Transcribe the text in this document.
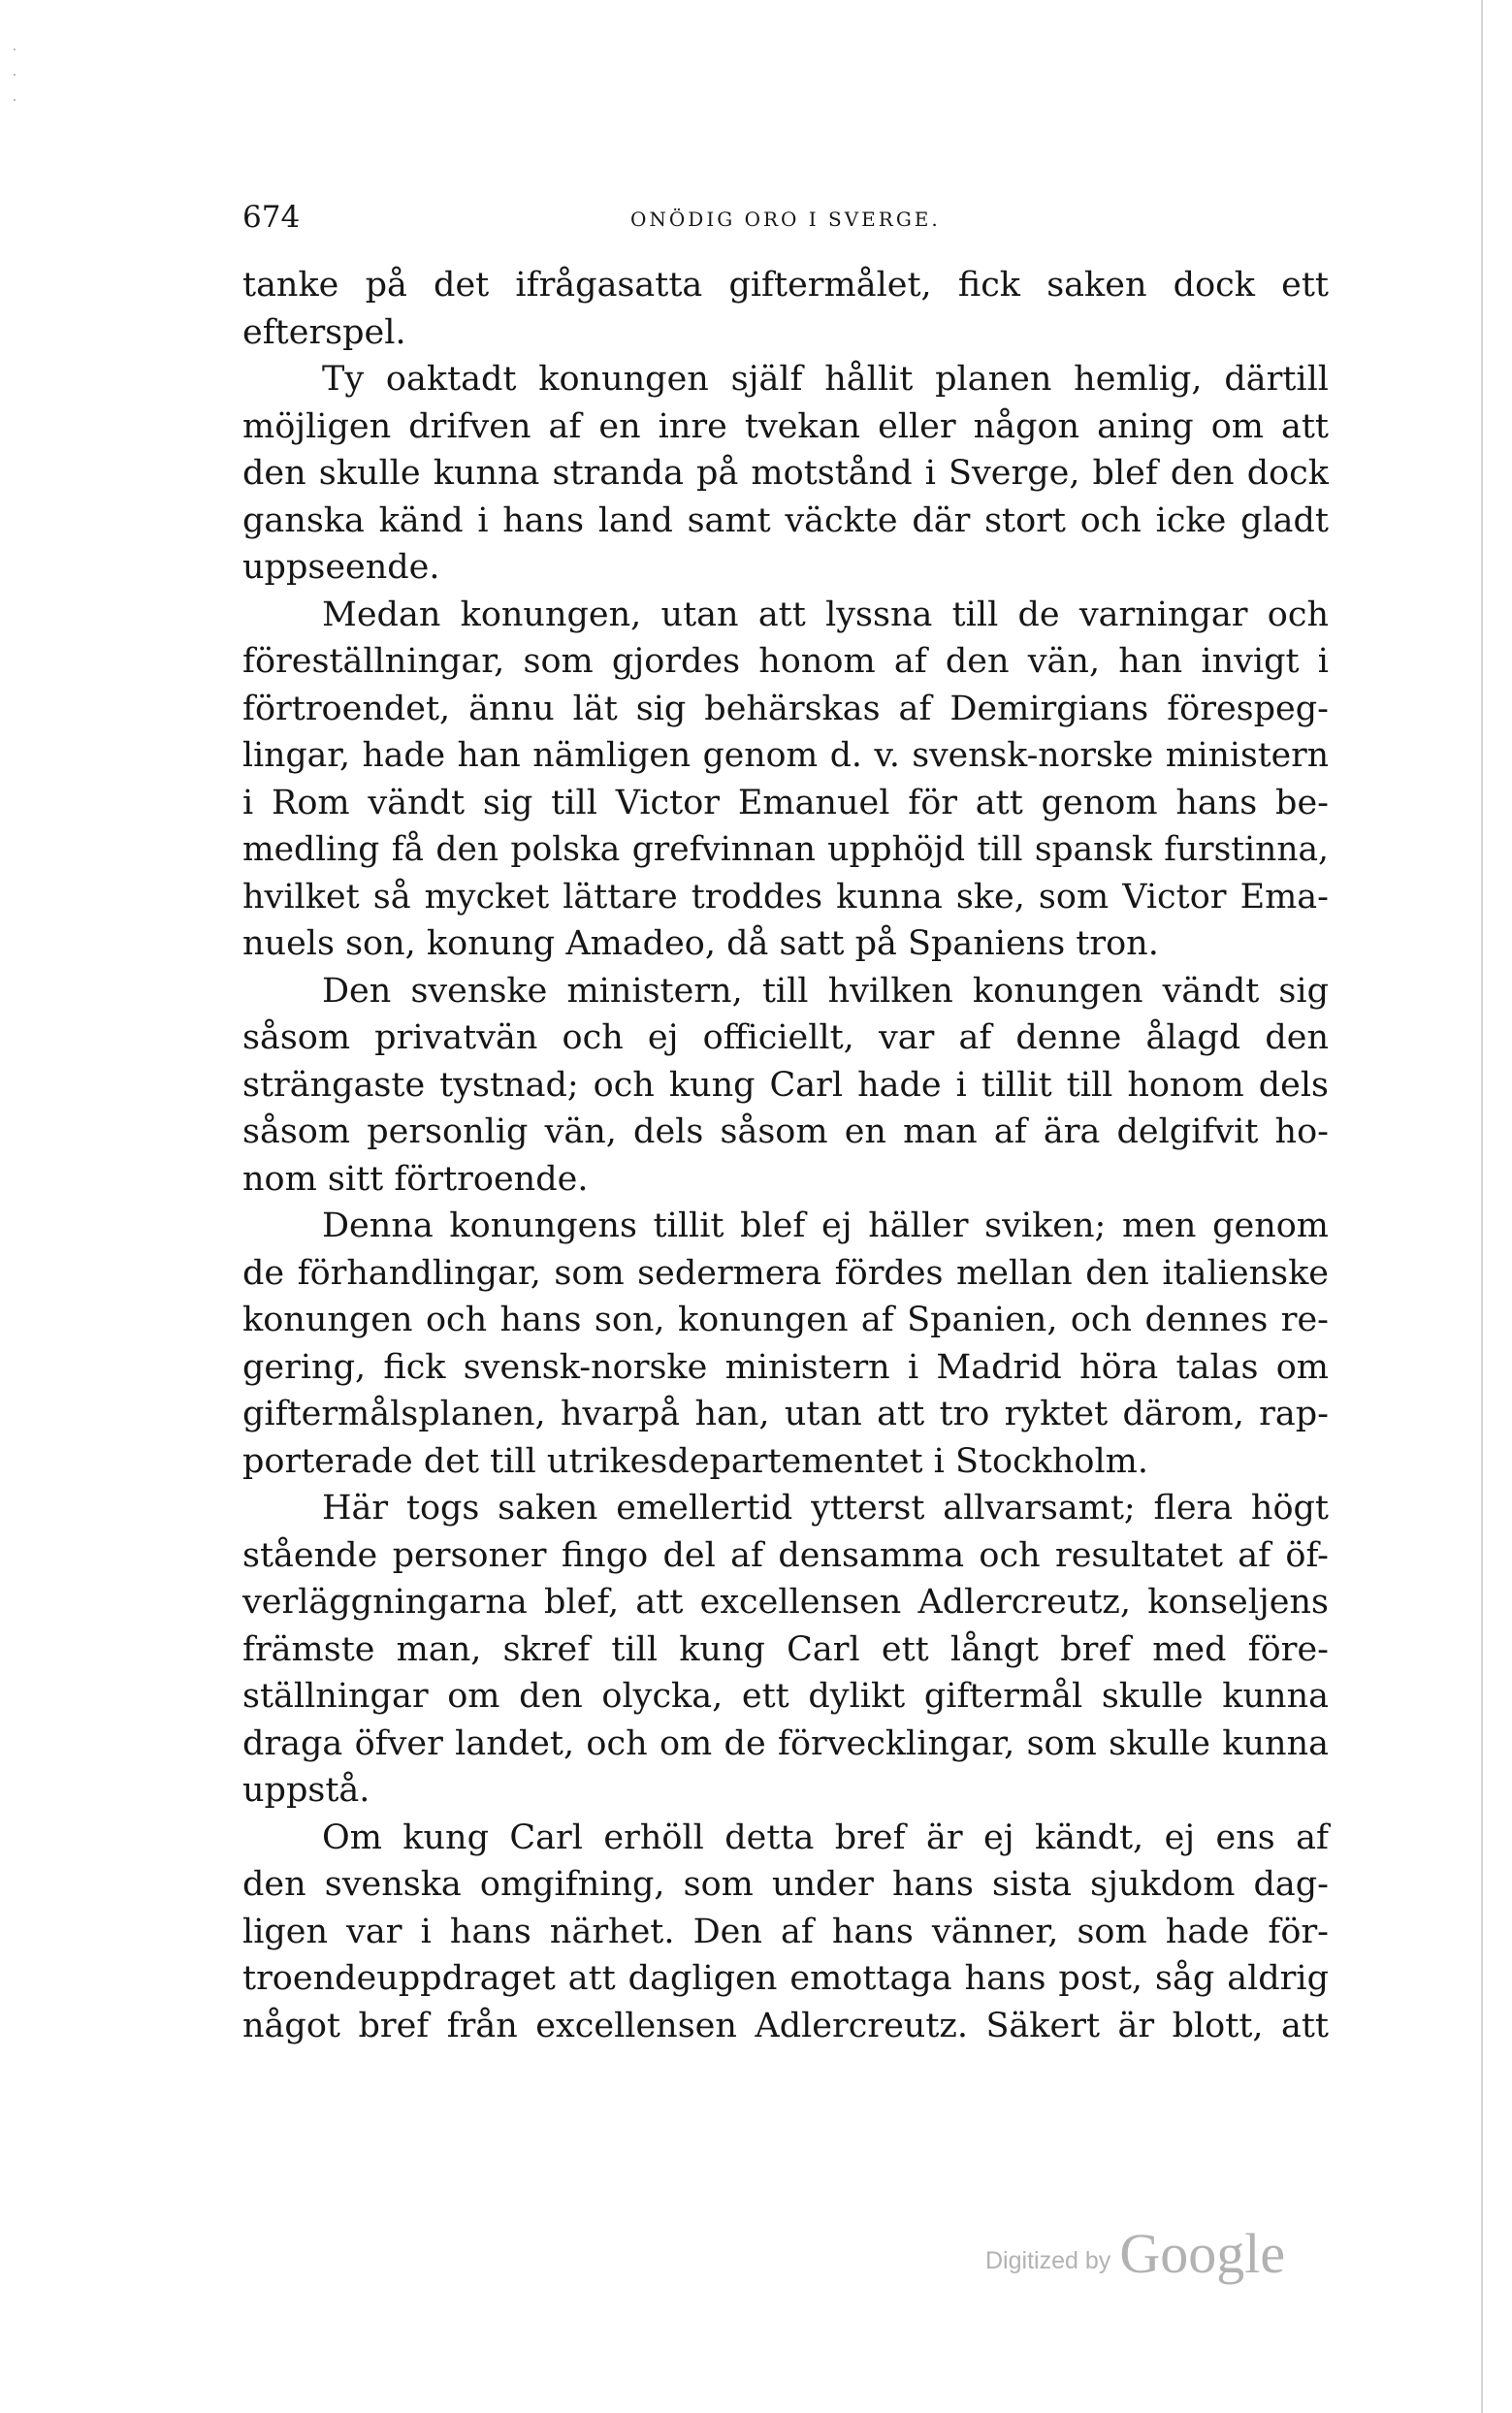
674	ONÖDIG ORO I SVERGE.
tanke på det ifrågasatta giftermålet, fick saken dock ett
efterspel.
Ty oaktadt konungen själf hållit planen hemlig, därtill
möjligen drifven af en inre tvekan eller någon aning om att
den skulle kunna stranda på motstånd i Sverge, blef den dock
ganska känd i hans land samt väckte där stort och icke gladt
uppseende.
Medan konungen, utan att lyssna till de varningar och
föreställningar, som gjordes honom af den vän, han invigt i
förtroendet, ännu lät sig behärskas af Demirgians förespeg-
lingar, hade han nämligen genom d. v. svensk-norske ministern
i Rom vändt sig till Victor Emanuel för att genom hans be-
medling få den polska grefvinnan upphöjd till spansk furstinna,
hvilket så mycket lättare troddes kunna ske, som Victor Ema-
nuels son, konung Amadeo, då satt på Spaniens tron.
Den svenske ministern, till hvilken konungen vändt sig
såsom privatvän och ej officiellt, var af denne ålagd den
strängaste tystnad; och kung Carl hade i tillit till honom dels
såsom personlig vän, dels såsom en man af ära delgifvit ho-
nom sitt förtroende.
Denna konungens tillit blef ej häller sviken; men genom
de förhandlingar, som sedermera fördes mellan den italienske
konungen och hans son, konungen af Spanien, och dennes re-
gering, fick svensk-norske ministern i Madrid höra talas om
giftermålsplanen, hvarpå han, utan att tro ryktet därom, rap-
porterade det till utrikesdepartementet i Stockholm.
Här togs saken emellertid ytterst allvarsamt; flera högt
stående personer fingo del af densamma och resultatet af öf-
verläggningarna blef, att excellensen Adlercreutz, konseljens
främste man, skref till kung Carl ett långt bref med före-
ställningar om den olycka, ett dylikt giftermål skulle kunna
draga öfver landet, och om de förvecklingar, som skulle kunna
uppstå.
Om kung Carl erhöll detta bref är ej kändt, ej ens af
den svenska omgifning, som under hans sista sjukdom dag-
ligen var i hans närhet. Den af hans vänner, som hade för-
troendeuppdraget att dagligen emottaga hans post, såg aldrig
något bref från excellensen Adlercreutz. Säkert är blott, att
Digitized by Google
